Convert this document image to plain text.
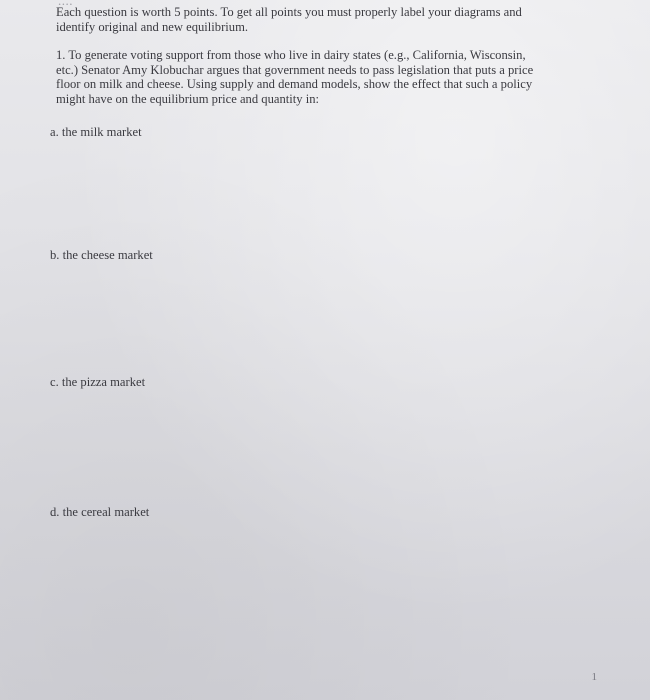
....
Each question is worth 5 points. To get all points you must properly label your diagrams and
identify original and new equilibrium.
1. To generate voting support from those who live in dairy states (e.g., California, Wisconsin,
etc.) Senator Amy Klobuchar argues that government needs to pass legislation that puts a price
floor on milk and cheese. Using supply and demand models, show the effect that such a policy
might have on the equilibrium price and quantity in:
a. the milk market
b. the cheese market
c. the pizza market
d. the cereal market
1
